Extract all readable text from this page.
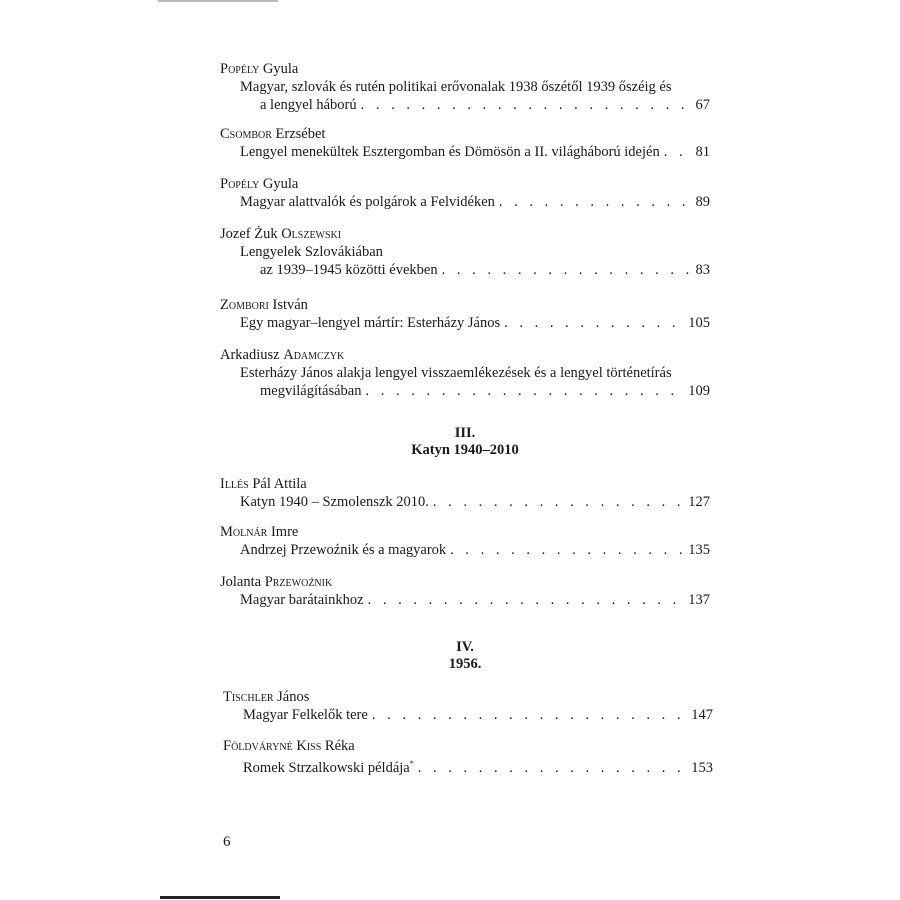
Popély Gyula
Magyar, szlovák és rutén politikai erővonalak 1938 őszétől 1939 őszéig és
a lengyel háború . . .	67
Csombor Erzsébet
Lengyel menekültek Esztergomban és Dömösön a II. világháború idején . . . 81
Popély Gyula
Magyar alattvalók és polgárok a Felvidéken . . .	89
Jozef Żuk Olszewski
Lengyelek Szlovákiában
az 1939–1945 közötti években . . .	83
Zombori István
Egy magyar–lengyel mártír: Esterházy János . . .	105
Arkadiusz Adamczyk
Esterházy János alakja lengyel visszaemlékezések és a lengyel történetírás
megvilágításában . . .	109
III.
Katyn 1940–2010
Illés Pál Attila
Katyn 1940 – Szmolenszk 2010. . . .	127
Molnár Imre
Andrzej Przewoźnik és a magyarok . . .	135
Jolanta Przewoźnik
Magyar barátainkhoz . . .	137
IV.
1956.
Tischler János
Magyar Felkelők tere . . .	147
Földváryné Kiss Réka
Romek Strzalkowski példája* . . .	153
6
